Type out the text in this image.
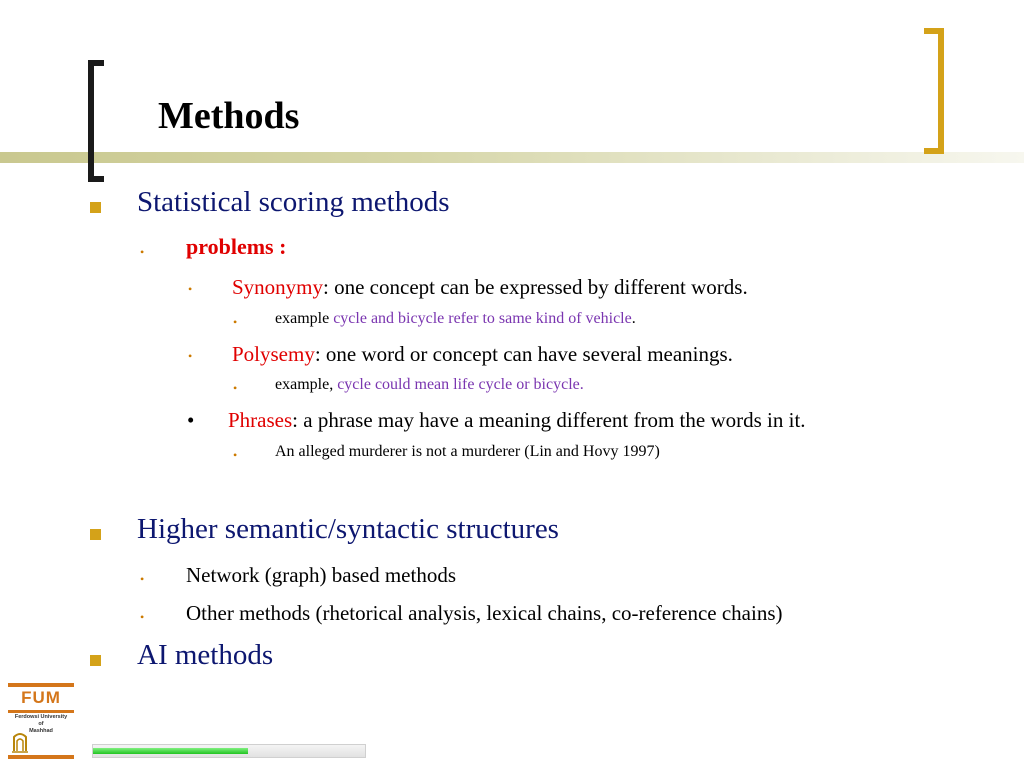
Methods
Statistical scoring methods
• problems :
• Synonymy: one concept can be expressed by different words.
• example cycle and bicycle refer to same kind of vehicle.
• Polysemy: one word or concept can have several meanings.
• example, cycle could mean life cycle or bicycle.
• Phrases: a phrase may have a meaning different from the words in it.
• An alleged murderer is not a murderer (Lin and Hovy 1997)
Higher semantic/syntactic structures
• Network (graph) based methods
• Other methods (rhetorical analysis, lexical chains, co-reference chains)
AI methods
FUM
Ferdowsi University
of
Mashhad
